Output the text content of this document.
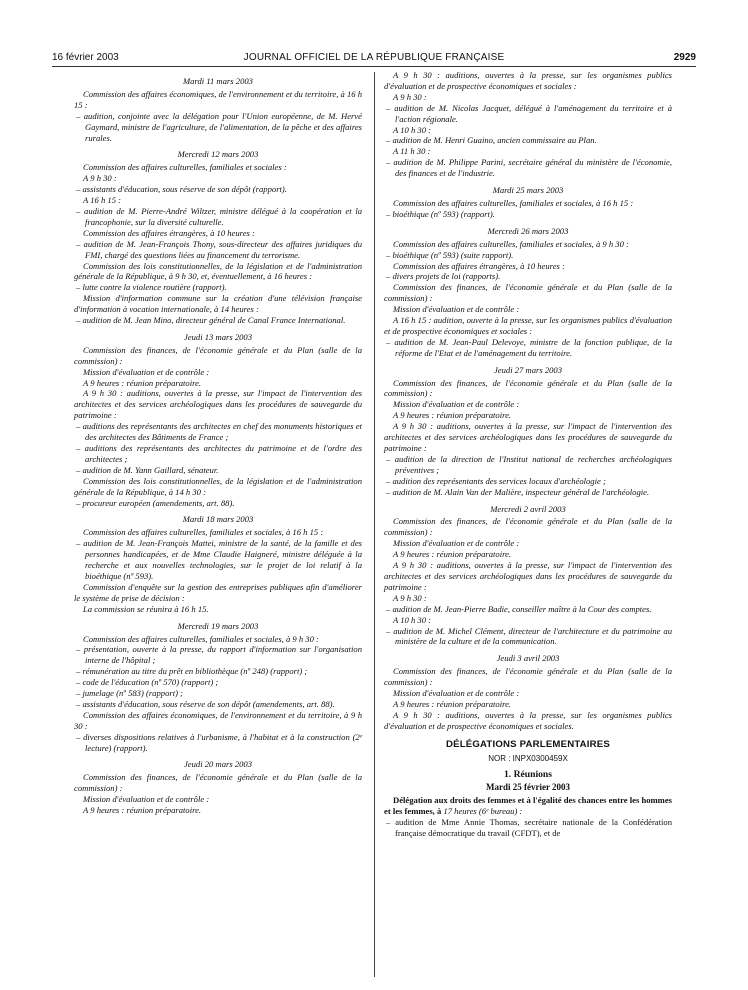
16 février 2003	JOURNAL OFFICIEL DE LA RÉPUBLIQUE FRANÇAISE	2929
Mardi 11 mars 2003

Commission des affaires économiques, de l'environnement et du territoire, à 16 h 15 :

– audition, conjointe avec la délégation pour l'Union européenne, de M. Hervé Gaymard, ministre de l'agriculture, de l'alimentation, de la pêche et des affaires rurales.

Mercredi 12 mars 2003

Commission des affaires culturelles, familiales et sociales :

A 9 h 30 :

– assistants d'éducation, sous réserve de son dépôt (rapport).

A 16 h 15 :

– audition de M. Pierre-André Wiltzer, ministre délégué à la coopération et la francophonie, sur la diversité culturelle.

Commission des affaires étrangères, à 10 heures :

– audition de M. Jean-François Thony, sous-directeur des affaires juridiques du FMI, chargé des questions liées au financement du terrorisme.

Commission des lois constitutionnelles, de la législation et de l'administration générale de la République, à 9 h 30, et, éventuellement, à 16 heures :

– lutte contre la violence routière (rapport).

Mission d'information commune sur la création d'une télévision française d'information à vocation internationale, à 14 heures :

– audition de M. Jean Mino, directeur général de Canal France International.

Jeudi 13 mars 2003

Commission des finances, de l'économie générale et du Plan (salle de la commission) :

Mission d'évaluation et de contrôle :

A 9 heures : réunion préparatoire.

A 9 h 30 : auditions, ouvertes à la presse, sur l'impact de l'intervention des architectes et des services archéologiques dans les procédures de sauvegarde du patrimoine :

– auditions des représentants des architectes en chef des monuments historiques et des architectes des Bâtiments de France ;

– auditions des représentants des architectes du patrimoine et de l'ordre des architectes ;

– audition de M. Yann Gaillard, sénateur.

Commission des lois constitutionnelles, de la législation et de l'administration générale de la République, à 14 h 30 :

– procureur européen (amendements, art. 88).

Mardi 18 mars 2003

Commission des affaires culturelles, familiales et sociales, à 16 h 15 :

– audition de M. Jean-François Mattei, ministre de la santé, de la famille et des personnes handicapées, et de Mme Claudie Haigneré, ministre déléguée à la recherche et aux nouvelles technologies, sur le projet de loi relatif à la bioéthique (nº 593).

Commission d'enquête sur la gestion des entreprises publiques afin d'améliorer le système de prise de décision :

La commission se réunira à 16 h 15.

Mercredi 19 mars 2003

Commission des affaires culturelles, familiales et sociales, à 9 h 30 :

– présentation, ouverte à la presse, du rapport d'information sur l'organisation interne de l'hôpital ;

– rémunération au titre du prêt en bibliothèque (nº 248) (rapport) ;

– code de l'éducation (nº 570) (rapport) ;

– jumelage (nº 583) (rapport) ;

– assistants d'éducation, sous réserve de son dépôt (amendements, art. 88).

Commission des affaires économiques, de l'environnement et du territoire, à 9 h 30 :

– diverses dispositions relatives à l'urbanisme, à l'habitat et à la construction (2ᵉ lecture) (rapport).

Jeudi 20 mars 2003

Commission des finances, de l'économie générale et du Plan (salle de la commission) :

Mission d'évaluation et de contrôle :

A 9 heures : réunion préparatoire.

A 9 h 30 : auditions, ouvertes à la presse, sur les organismes publics d'évaluation et de prospective économiques et sociales :

A 9 h 30 :

– audition de M. Nicolas Jacquet, délégué à l'aménagement du territoire et à l'action régionale.

A 10 h 30 :

– audition de M. Henri Guaino, ancien commissaire au Plan.

A 11 h 30 :

– audition de M. Philippe Parini, secrétaire général du ministère de l'économie, des finances et de l'industrie.

Mardi 25 mars 2003

Commission des affaires culturelles, familiales et sociales, à 16 h 15 :

– bioéthique (nº 593) (rapport).

Mercredi 26 mars 2003

Commission des affaires culturelles, familiales et sociales, à 9 h 30 :

– bioéthique (nº 593) (suite rapport).

Commission des affaires étrangères, à 10 heures :

– divers projets de loi (rapports).

Commission des finances, de l'économie générale et du Plan (salle de la commission) :

Mission d'évaluation et de contrôle :

A 16 h 15 : audition, ouverte à la presse, sur les organismes publics d'évaluation et de prospective économiques et sociales :

– audition de M. Jean-Paul Delevoye, ministre de la fonction publique, de la réforme de l'Etat et de l'aménagement du territoire.

Jeudi 27 mars 2003

Commission des finances, de l'économie générale et du Plan (salle de la commission) :

Mission d'évaluation et de contrôle :

A 9 heures : réunion préparatoire.

A 9 h 30 : auditions, ouvertes à la presse, sur l'impact de l'intervention des architectes et des services archéologiques dans les procédures de sauvegarde du patrimoine :

– audition de la direction de l'Institut national de recherches archéologiques préventives ;

– audition des représentants des services locaux d'archéologie ;

– audition de M. Alain Van der Malière, inspecteur général de l'archéologie.

Mercredi 2 avril 2003

Commission des finances, de l'économie générale et du Plan (salle de la commission) :

Mission d'évaluation et de contrôle :

A 9 heures : réunion préparatoire.

A 9 h 30 : auditions, ouvertes à la presse, sur l'impact de l'intervention des architectes et des services archéologiques dans les procédures de sauvegarde du patrimoine :

A 9 h 30 :

– audition de M. Jean-Pierre Badie, conseiller maître à la Cour des comptes.

A 10 h 30 :

– audition de M. Michel Clément, directeur de l'architecture et du patrimoine au ministère de la culture et de la communication.

Jeudi 3 avril 2003

Commission des finances, de l'économie générale et du Plan (salle de la commission) :

Mission d'évaluation et de contrôle :

A 9 heures : réunion préparatoire.

A 9 h 30 : auditions, ouvertes à la presse, sur les organismes publics d'évaluation et de prospective économiques et sociales.

DÉLÉGATIONS PARLEMENTAIRES
NOR : INPX0300459X
1. Réunions
Mardi 25 février 2003

Délégation aux droits des femmes et à l'égalité des chances entre les hommes et les femmes, à 17 heures (6ᵉ bureau) :

– audition de Mme Annie Thomas, secrétaire nationale de la Confédération française démocratique du travail (CFDT), et de
